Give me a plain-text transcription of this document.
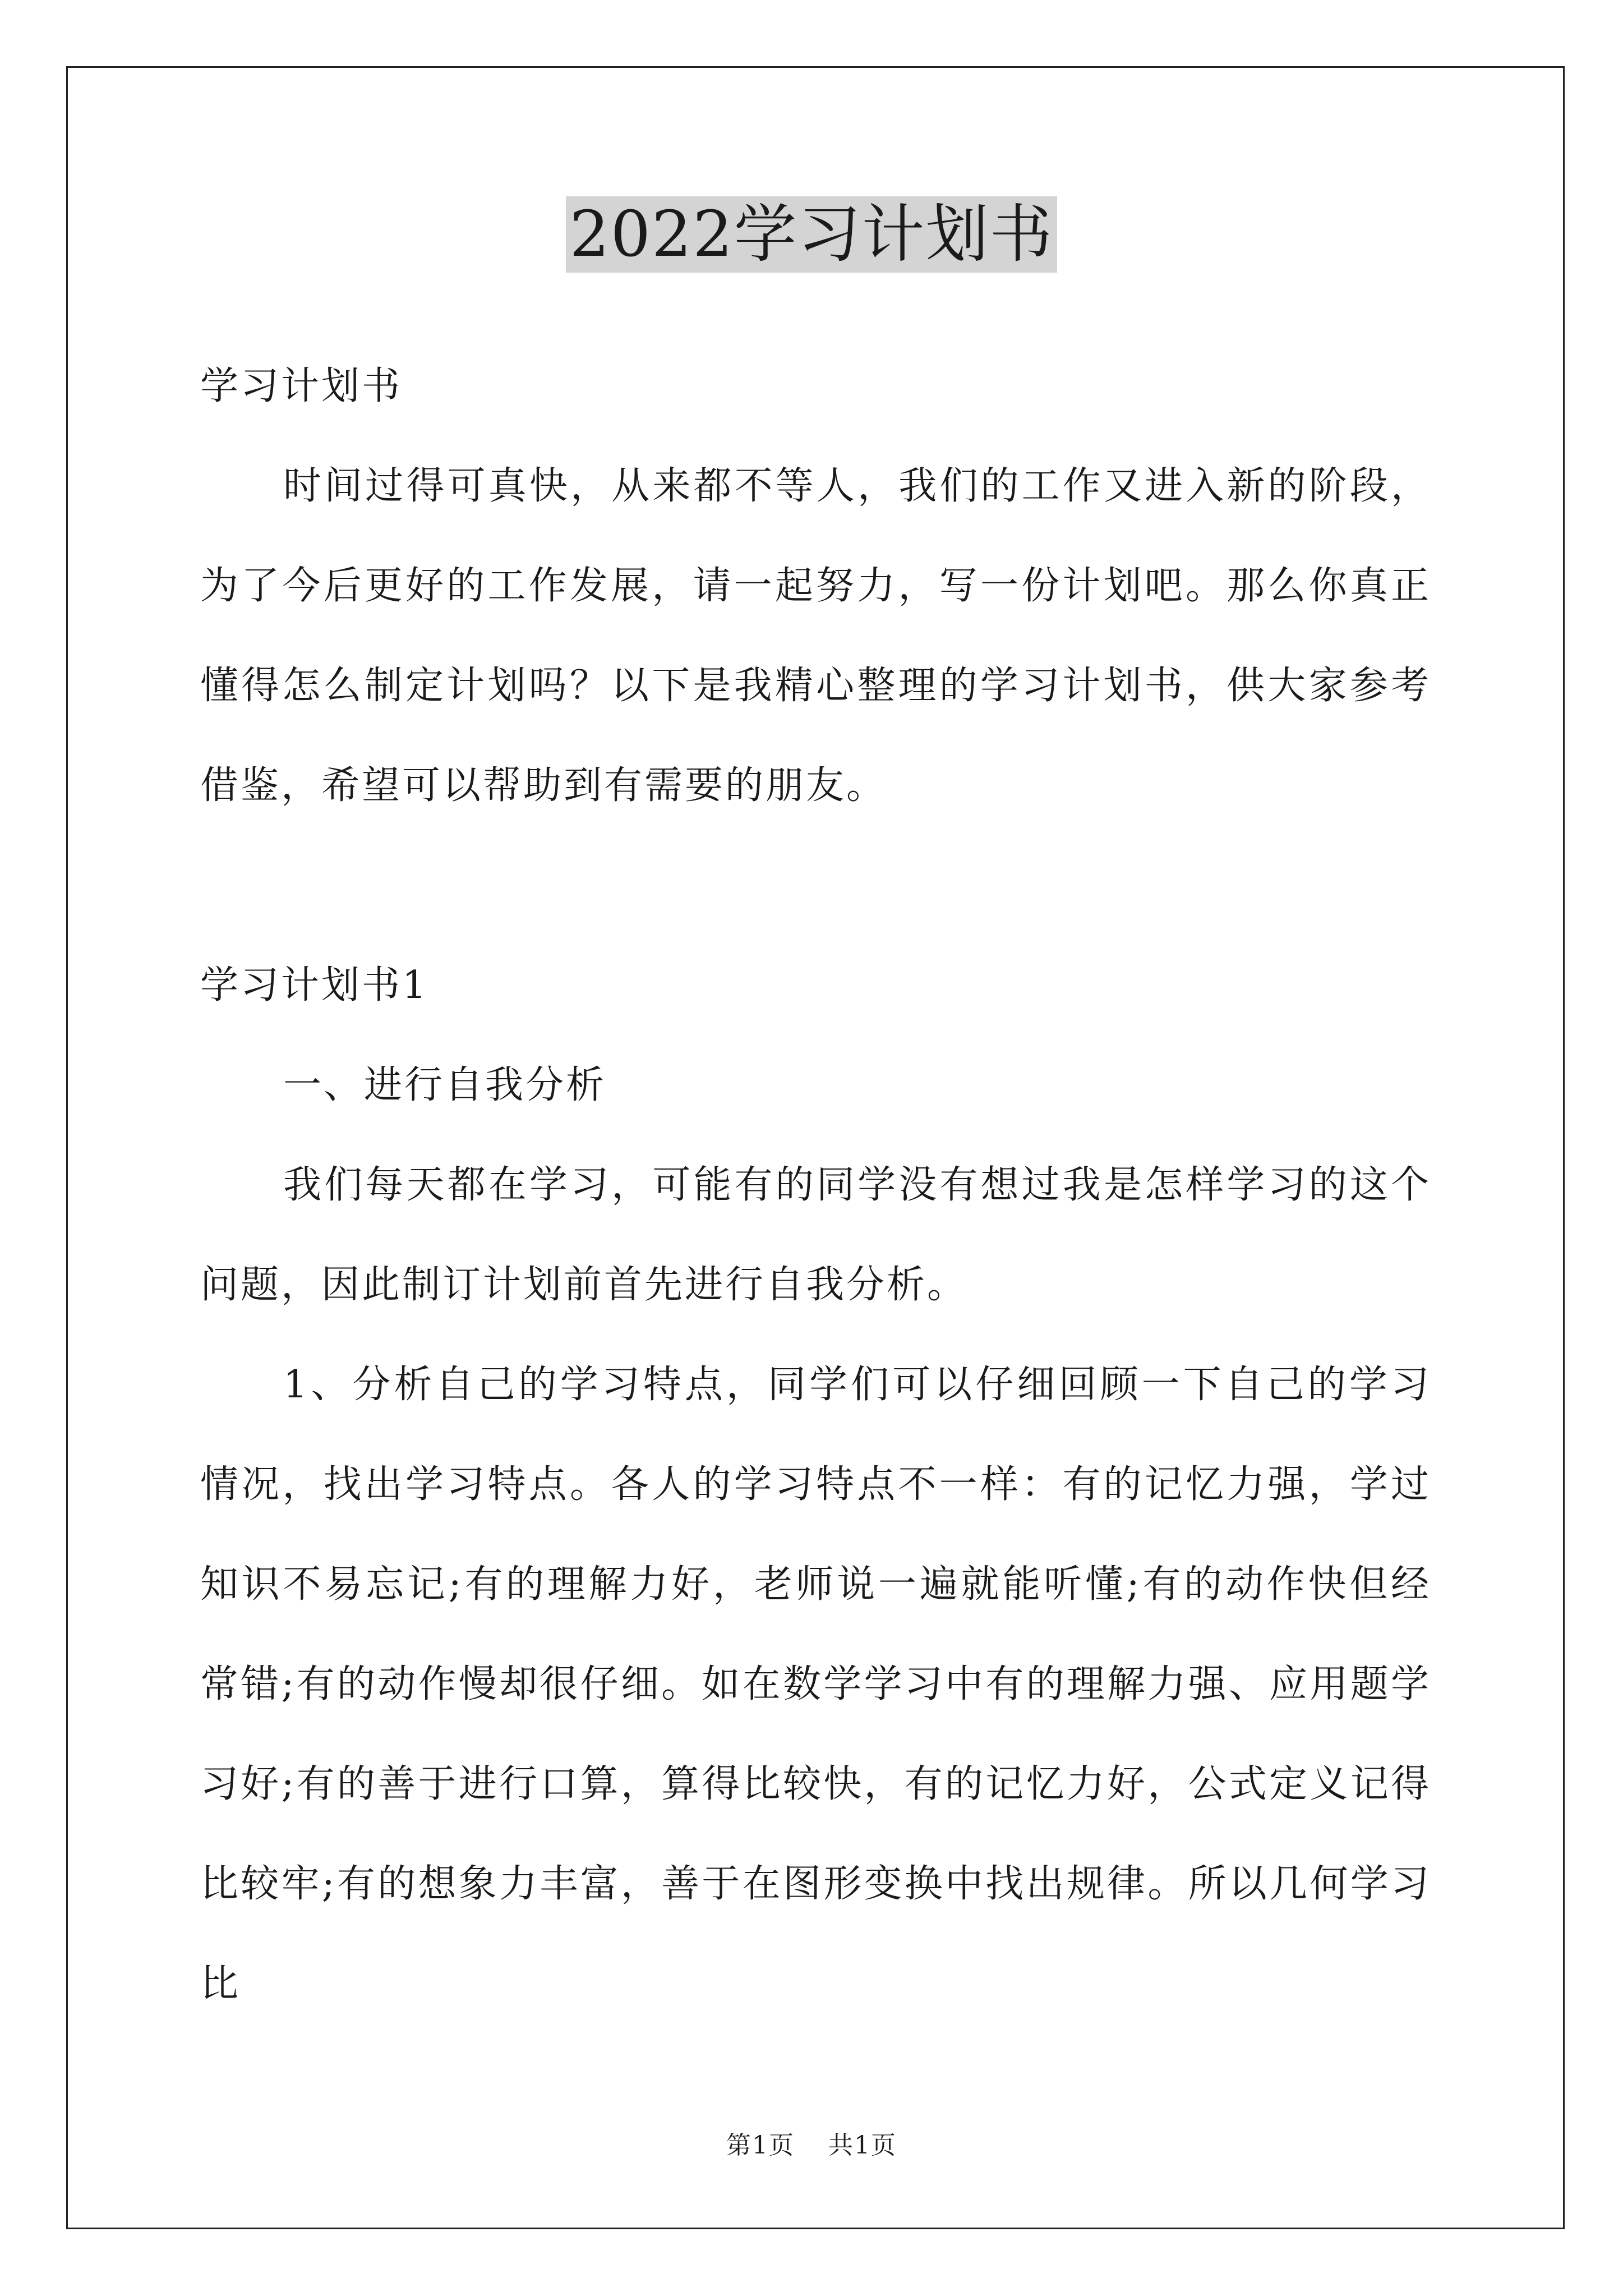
2022学习计划书

学习计划书

时间过得可真快，从来都不等人，我们的工作又进入新的阶段，为了今后更好的工作发展，请一起努力，写一份计划吧。那么你真正懂得怎么制定计划吗？以下是我精心整理的学习计划书，供大家参考借鉴，希望可以帮助到有需要的朋友。

学习计划书1

一、进行自我分析

我们每天都在学习，可能有的同学没有想过我是怎样学习的这个问题，因此制订计划前首先进行自我分析。

1、分析自己的学习特点，同学们可以仔细回顾一下自己的学习情况，找出学习特点。各人的学习特点不一样：有的记忆力强，学过知识不易忘记;有的理解力好，老师说一遍就能听懂;有的动作快但经常错;有的动作慢却很仔细。如在数学学习中有的理解力强、应用题学习好;有的善于进行口算，算得比较快，有的记忆力好，公式定义记得比较牢;有的想象力丰富，善于在图形变换中找出规律。所以几何学习比

第1页 共1页
